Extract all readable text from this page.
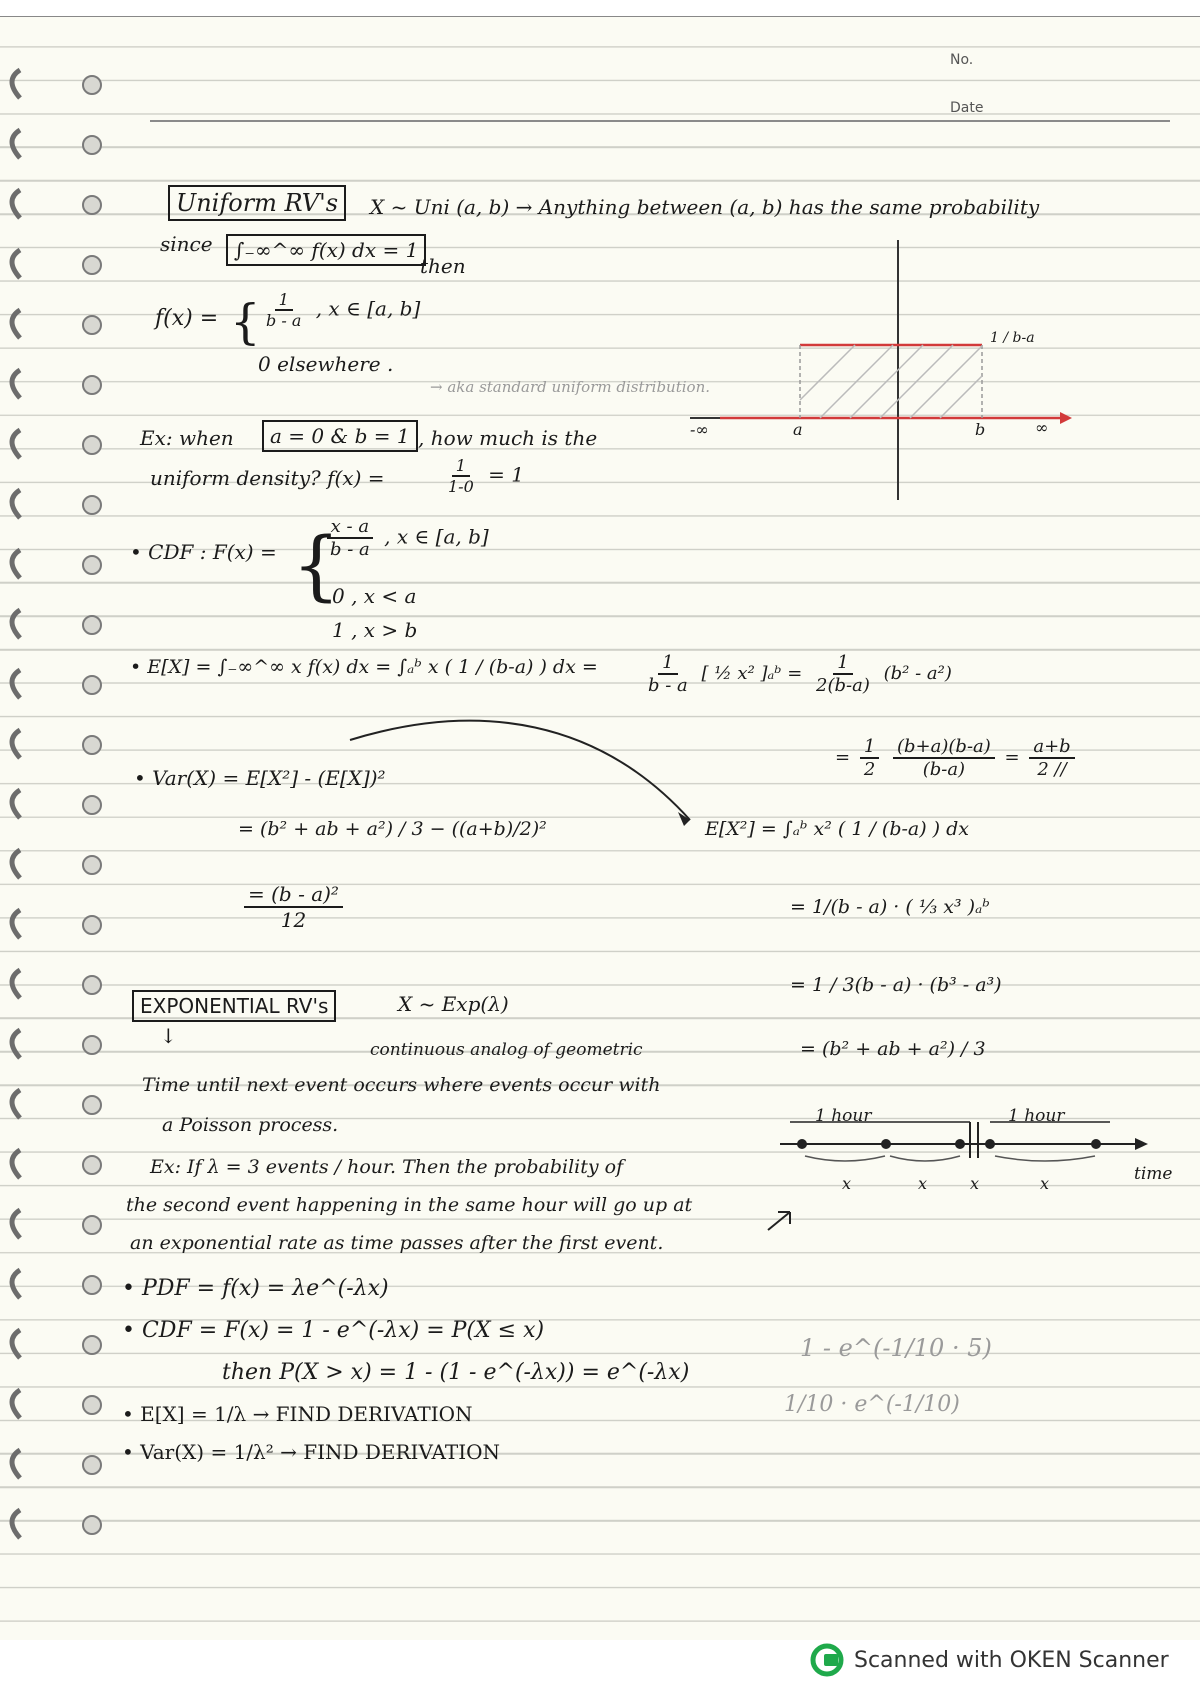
No.
Date
Uniform RV's	X ~ Uni (a, b) → Anything between (a, b) has the same probability
since	∫₋∞^∞ f(x) dx = 1
then
f(x) = { $\frac{1}{b - a}$ , x ∈ [a, b]
0 elsewhere .
→ aka standard uniform distribution.
Ex: when	a = 0 & b = 1 , how much is the
uniform density? f(x) =	$\frac{1}{1-0} = 1$
• CDF : F(x) = {
$\frac{x - a}{b - a}$ , x ∈ [a, b]
0 , x < a
1 , x > b
• E[X] = ∫₋∞^∞ x f(x) dx = ∫ₐᵇ x ( 1 / (b-a) ) dx =	$\frac{1}{b - a}$ [ ½ x² ]ₐᵇ = $\frac{1}{2(b-a)} (b^2 - a^2)$
= $\frac{1}{2}$
$\frac{(b+a)(b-a)}{(b-a)} = \frac{a+b}{2 //}$
• Var(X) = E[X²] - (E[X])²
= (b² + ab + a²) / 3 − ((a+b)/2)²
$\frac{\text{= (b - a)²}}{12}$
E[X²] = ∫ₐᵇ x² ( 1 / (b-a) ) dx
= 1/(b - a) · ( ⅓ x³ )ₐᵇ
= 1 / 3(b - a) · (b³ - a³)
= (b² + ab + a²) / 3
-∞	a	b	∞
1 / b-a
EXPONENTIAL RV's	X ~ Exp(λ)
↓
continuous analog of geometric
Time until next event occurs where events occur with
a Poisson process.
Ex: If λ = 3 events / hour. Then the probability of
the second event happening in the same hour will go up at
an exponential rate as time passes after the first event.
• PDF = f(x) = λe^(-λx)
• CDF = F(x) = 1 - e^(-λx) = P(X ≤ x)
then P(X > x) = 1 - (1 - e^(-λx)) = e^(-λx)
• E[X] = 1/λ → FIND DERIVATION
• Var(X) = 1/λ² → FIND DERIVATION
1 hour	1 hour
x	x	x	x	time
1 - e^(-1/10 · 5)
1/10 · e^(-1/10)
Scanned with OKEN Scanner
